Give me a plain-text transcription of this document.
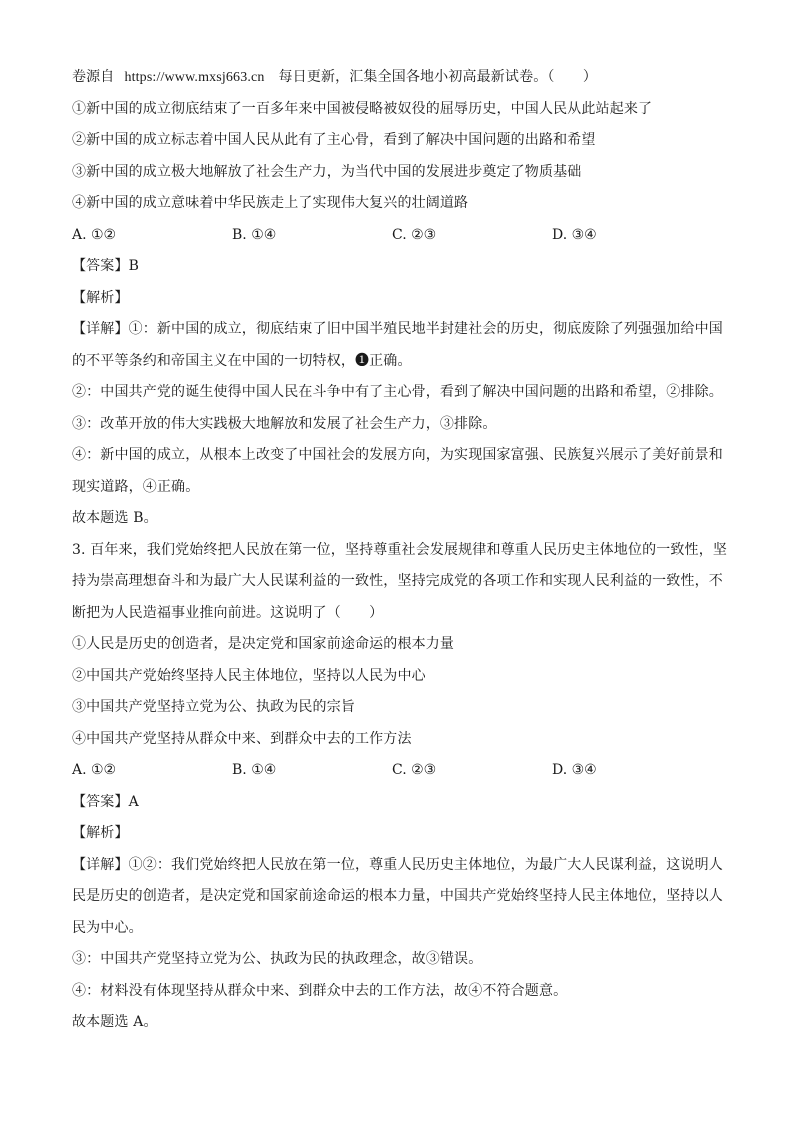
卷源自 https://www.mxsj663.cn 每日更新，汇集全国各地小初高最新试卷。（　　）
①新中国的成立彻底结束了一百多年来中国被侵略被奴役的屈辱历史，中国人民从此站起来了
②新中国的成立标志着中国人民从此有了主心骨，看到了解决中国问题的出路和希望
③新中国的成立极大地解放了社会生产力，为当代中国的发展进步奠定了物质基础
④新中国的成立意味着中华民族走上了实现伟大复兴的壮阔道路
A. ①②	B. ①④	C. ②③	D. ③④
【答案】B
【解析】
【详解】①：新中国的成立，彻底结束了旧中国半殖民地半封建社会的历史，彻底废除了列强强加给中国
的不平等条约和帝国主义在中国的一切特权，❶正确。
②：中国共产党的诞生使得中国人民在斗争中有了主心骨，看到了解决中国问题的出路和希望，②排除。
③：改革开放的伟大实践极大地解放和发展了社会生产力，③排除。
④：新中国的成立，从根本上改变了中国社会的发展方向，为实现国家富强、民族复兴展示了美好前景和
现实道路，④正确。
故本题选 B。
3. 百年来，我们党始终把人民放在第一位，坚持尊重社会发展规律和尊重人民历史主体地位的一致性，坚
持为崇高理想奋斗和为最广大人民谋利益的一致性，坚持完成党的各项工作和实现人民利益的一致性，不
断把为人民造福事业推向前进。这说明了（　　）
①人民是历史的创造者，是决定党和国家前途命运的根本力量
②中国共产党始终坚持人民主体地位，坚持以人民为中心
③中国共产党坚持立党为公、执政为民的宗旨
④中国共产党坚持从群众中来、到群众中去的工作方法
A. ①②	B. ①④	C. ②③	D. ③④
【答案】A
【解析】
【详解】①②：我们党始终把人民放在第一位，尊重人民历史主体地位，为最广大人民谋利益，这说明人
民是历史的创造者，是决定党和国家前途命运的根本力量，中国共产党始终坚持人民主体地位，坚持以人
民为中心。
③：中国共产党坚持立党为公、执政为民的执政理念，故③错误。
④：材料没有体现坚持从群众中来、到群众中去的工作方法，故④不符合题意。
故本题选 A。
